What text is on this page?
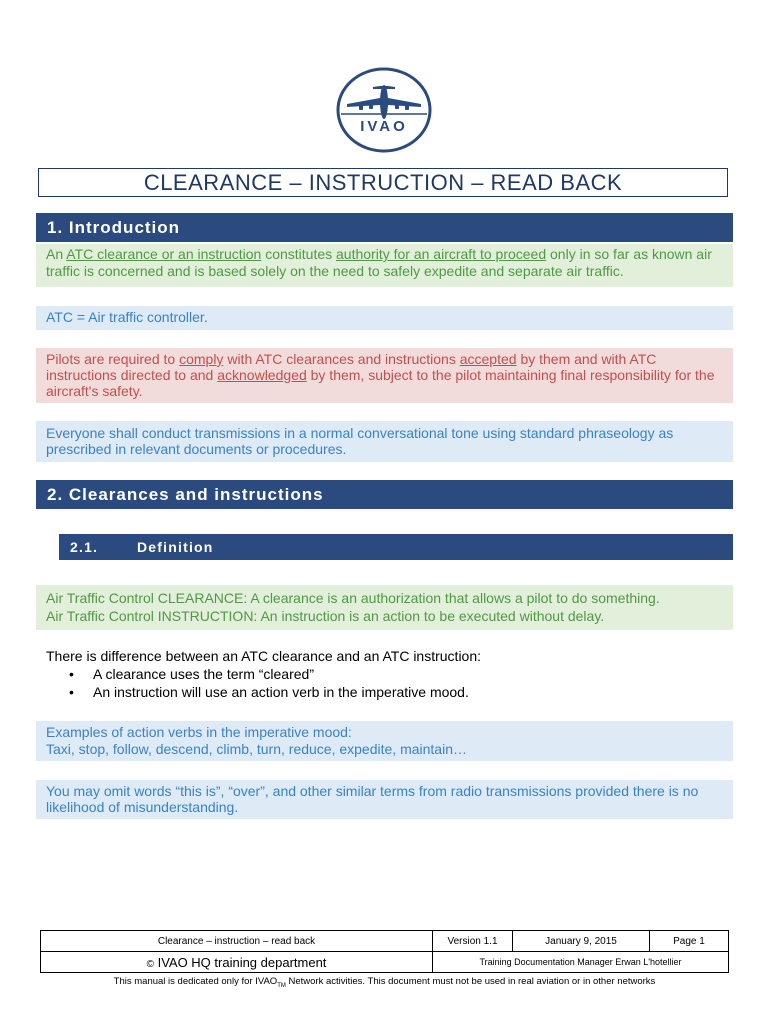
IVAO
CLEARANCE – INSTRUCTION – READ BACK
1. Introduction
An ATC clearance or an instruction constitutes authority for an aircraft to proceed only in so far as known air traffic is concerned and is based solely on the need to safely expedite and separate air traffic.
ATC = Air traffic controller.
Pilots are required to comply with ATC clearances and instructions accepted by them and with ATC instructions directed to and acknowledged by them, subject to the pilot maintaining final responsibility for the aircraft's safety.
Everyone shall conduct transmissions in a normal conversational tone using standard phraseology as prescribed in relevant documents or procedures.
2. Clearances and instructions
2.1.	Definition
Air Traffic Control CLEARANCE: A clearance is an authorization that allows a pilot to do something.
Air Traffic Control INSTRUCTION: An instruction is an action to be executed without delay.
There is difference between an ATC clearance and an ATC instruction:
• A clearance uses the term “cleared”
• An instruction will use an action verb in the imperative mood.
Examples of action verbs in the imperative mood:
Taxi, stop, follow, descend, climb, turn, reduce, expedite, maintain…
You may omit words “this is”, “over”, and other similar terms from radio transmissions provided there is no likelihood of misunderstanding.
Clearance – instruction – read back	Version 1.1	January 9, 2015	Page 1
© IVAO HQ training department	Training Documentation Manager Erwan L'hotellier		
This manual is dedicated only for $IVAO_{TM}$ Network activities. This document must not be used in real aviation or in other networks
